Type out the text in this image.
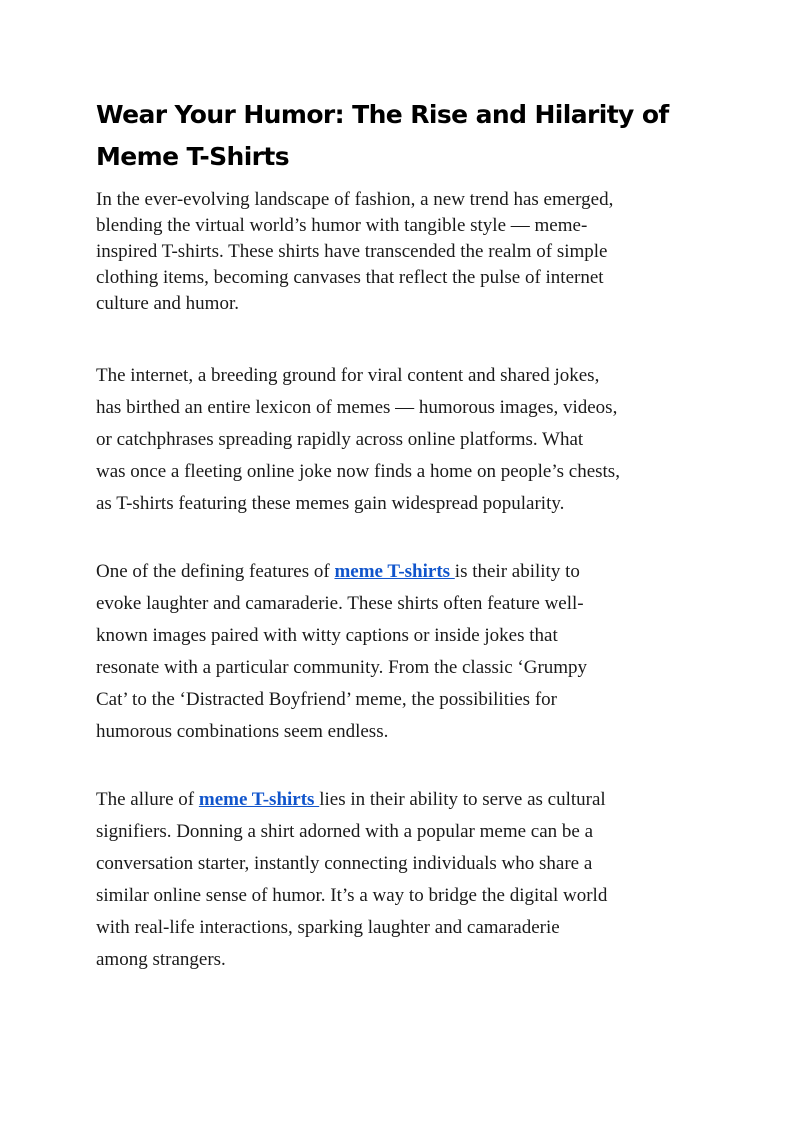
Wear Your Humor: The Rise and Hilarity of
Meme T-Shirts

In the ever-evolving landscape of fashion, a new trend has emerged,
blending the virtual world’s humor with tangible style — meme-
inspired T-shirts. These shirts have transcended the realm of simple
clothing items, becoming canvases that reflect the pulse of internet
culture and humor.

The internet, a breeding ground for viral content and shared jokes,
has birthed an entire lexicon of memes — humorous images, videos,
or catchphrases spreading rapidly across online platforms. What
was once a fleeting online joke now finds a home on people’s chests,
as T-shirts featuring these memes gain widespread popularity.

One of the defining features of meme T-shirts is their ability to
evoke laughter and camaraderie. These shirts often feature well-
known images paired with witty captions or inside jokes that
resonate with a particular community. From the classic ‘Grumpy
Cat’ to the ‘Distracted Boyfriend’ meme, the possibilities for
humorous combinations seem endless.

The allure of meme T-shirts lies in their ability to serve as cultural
signifiers. Donning a shirt adorned with a popular meme can be a
conversation starter, instantly connecting individuals who share a
similar online sense of humor. It’s a way to bridge the digital world
with real-life interactions, sparking laughter and camaraderie
among strangers.
